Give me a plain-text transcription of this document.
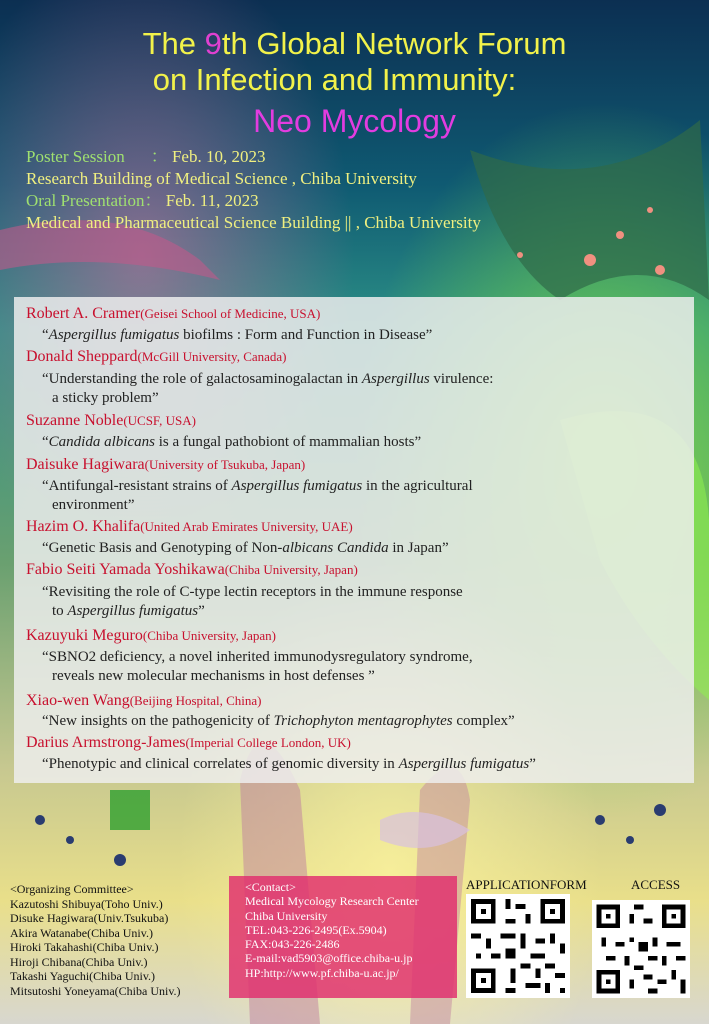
The 9th Global Network Forum
on Infection and Immunity:
Neo Mycology
Poster Session ： Feb. 10, 2023
Research Building of Medical Science , Chiba University
Oral Presentation： Feb. 11, 2023
Medical and Pharmaceutical Science Building || , Chiba University
Robert A. Cramer(Geisei School of Medicine, USA)
“Aspergillus fumigatus biofilms : Form and Function in Disease”
Donald Sheppard(McGill University, Canada)
“Understanding the role of galactosaminogalactan in Aspergillus virulence:
a sticky problem”
Suzanne Noble(UCSF, USA)
“Candida albicans is a fungal pathobiont of mammalian hosts”
Daisuke Hagiwara(University of Tsukuba, Japan)
“Antifungal-resistant strains of Aspergillus fumigatus in the agricultural
environment”
Hazim O. Khalifa(United Arab Emirates University, UAE)
“Genetic Basis and Genotyping of Non-albicans Candida in Japan”
Fabio Seiti Yamada Yoshikawa(Chiba University, Japan)
“Revisiting the role of C-type lectin receptors in the immune response
to Aspergillus fumigatus”
Kazuyuki Meguro(Chiba University, Japan)
“SBNO2 deficiency, a novel inherited immunodysregulatory syndrome,
reveals new molecular mechanisms in host defenses ”
Xiao-wen Wang(Beijing Hospital, China)
“New insights on the pathogenicity of Trichophyton mentagrophytes complex”
Darius Armstrong-James(Imperial College London, UK)
“Phenotypic and clinical correlates of genomic diversity in Aspergillus fumigatus”
<Organizing Committee>
Kazutoshi Shibuya(Toho Univ.)
Disuke Hagiwara(Univ.Tsukuba)
Akira Watanabe(Chiba Univ.)
Hiroki Takahashi(Chiba Univ.)
Hiroji Chibana(Chiba Univ.)
Takashi Yaguchi(Chiba Univ.)
Mitsutoshi Yoneyama(Chiba Univ.)
<Contact>
Medical Mycology Research Center
Chiba University
TEL:043-226-2495(Ex.5904)
FAX:043-226-2486
E-mail:vad5903@office.chiba-u.jp
HP:http://www.pf.chiba-u.ac.jp/
APPLICATIONFORM	ACCESS
